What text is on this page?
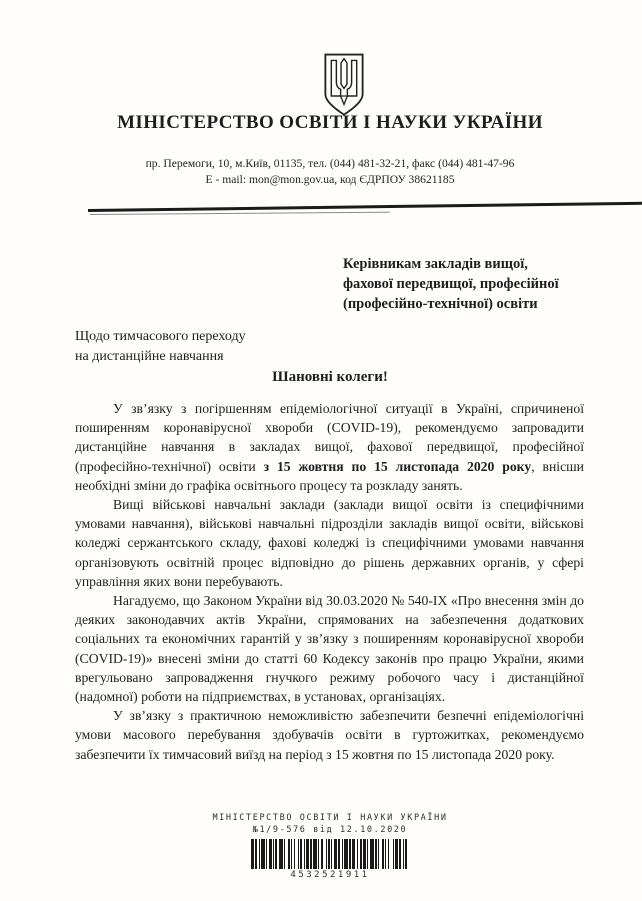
МІНІСТЕРСТВО ОСВІТИ І НАУКИ УКРАЇНИ
пр. Перемоги, 10, м.Київ, 01135, тел. (044) 481-32-21, факс (044) 481-47-96
E - mail: mon@mon.gov.ua, код ЄДРПОУ 38621185
Керівникам закладів вищої,
фахової передвищої, професійної
(професійно-технічної) освіти
Щодо тимчасового переходу
на дистанційне навчання
Шановні колеги!

У зв’язку з погіршенням епідеміологічної ситуації в Україні, спричиненої поширенням коронавірусної хвороби (COVID-19), рекомендуємо запровадити дистанційне навчання в закладах вищої, фахової передвищої, професійної (професійно-технічної) освіти з 15 жовтня по 15 листопада 2020 року, внісши необхідні зміни до графіка освітнього процесу та розкладу занять.

Вищі військові навчальні заклади (заклади вищої освіти із специфічними умовами навчання), військові навчальні підрозділи закладів вищої освіти, військові коледжі сержантського складу, фахові коледжі із специфічними умовами навчання організовують освітній процес відповідно до рішень державних органів, у сфері управління яких вони перебувають.

Нагадуємо, що Законом України від 30.03.2020 № 540-IX «Про внесення змін до деяких законодавчих актів України, спрямованих на забезпечення додаткових соціальних та економічних гарантій у зв’язку з поширенням коронавірусної хвороби (COVID-19)» внесені зміни до статті 60 Кодексу законів про працю України, якими врегульовано запровадження гнучкого режиму робочого часу і дистанційної (надомної) роботи на підприємствах, в установах, організаціях.

У зв’язку з практичною неможливістю забезпечити безпечні епідеміологічні умови масового перебування здобувачів освіти в гуртожитках, рекомендуємо забезпечити їх тимчасовий виїзд на період з 15 жовтня по 15 листопада 2020 року.

МІНІСТЕРСТВО ОСВІТИ І НАУКИ УКРАЇНИ
№1/9-576 від 12.10.2020
4532521911
